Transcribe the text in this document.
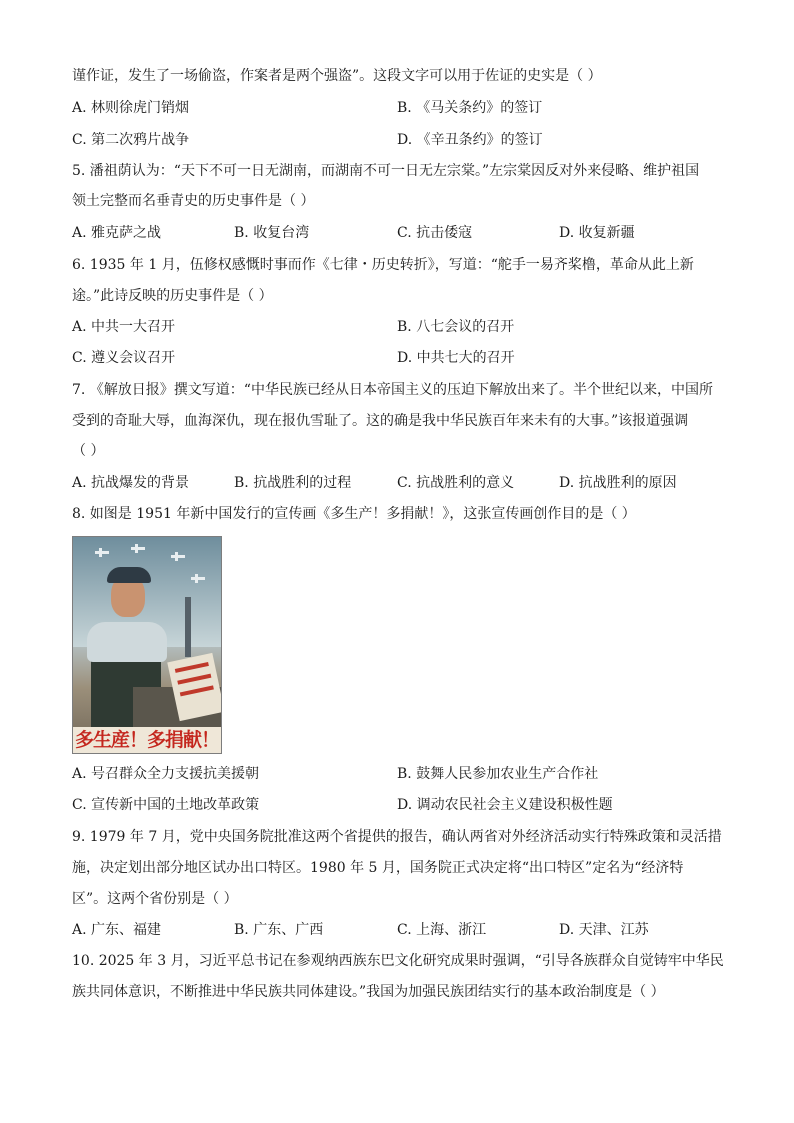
谨作证，发生了一场偷盗，作案者是两个强盗”。这段文字可以用于佐证的史实是（ ）
A. 林则徐虎门销烟	B. 《马关条约》的签订
C. 第二次鸦片战争	D. 《辛丑条约》的签订
5. 潘祖荫认为：“天下不可一日无湖南，而湖南不可一日无左宗棠。”左宗棠因反对外来侵略、维护祖国
领土完整而名垂青史的历史事件是（ ）
A. 雅克萨之战	B. 收复台湾	C. 抗击倭寇	D. 收复新疆
6. 1935 年 1 月，伍修权感慨时事而作《七律・历史转折》，写道：“舵手一易齐桨橹，革命从此上新
途。”此诗反映的历史事件是（ ）
A. 中共一大召开	B. 八七会议的召开
C. 遵义会议召开	D. 中共七大的召开
7. 《解放日报》撰文写道：“中华民族已经从日本帝国主义的压迫下解放出来了。半个世纪以来，中国所
受到的奇耻大辱，血海深仇，现在报仇雪耻了。这的确是我中华民族百年来未有的大事。”该报道强调
（ ）
A. 抗战爆发的背景	B. 抗战胜利的过程	C. 抗战胜利的意义	D. 抗战胜利的原因
8. 如图是 1951 年新中国发行的宣传画《多生产！多捐献！》，这张宣传画创作目的是（ ）
多生産！多捐献！
A. 号召群众全力支援抗美援朝	B. 鼓舞人民参加农业生产合作社
C. 宣传新中国的土地改革政策	D. 调动农民社会主义建设积极性题
9. 1979 年 7 月，党中央国务院批准这两个省提供的报告，确认两省对外经济活动实行特殊政策和灵活措
施，决定划出部分地区试办出口特区。1980 年 5 月，国务院正式决定将“出口特区”定名为“经济特
区”。这两个省份别是（ ）
A. 广东、福建	B. 广东、广西	C. 上海、浙江	D. 天津、江苏
10. 2025 年 3 月，习近平总书记在参观纳西族东巴文化研究成果时强调，“引导各族群众自觉铸牢中华民
族共同体意识，不断推进中华民族共同体建设。”我国为加强民族团结实行的基本政治制度是（ ）
